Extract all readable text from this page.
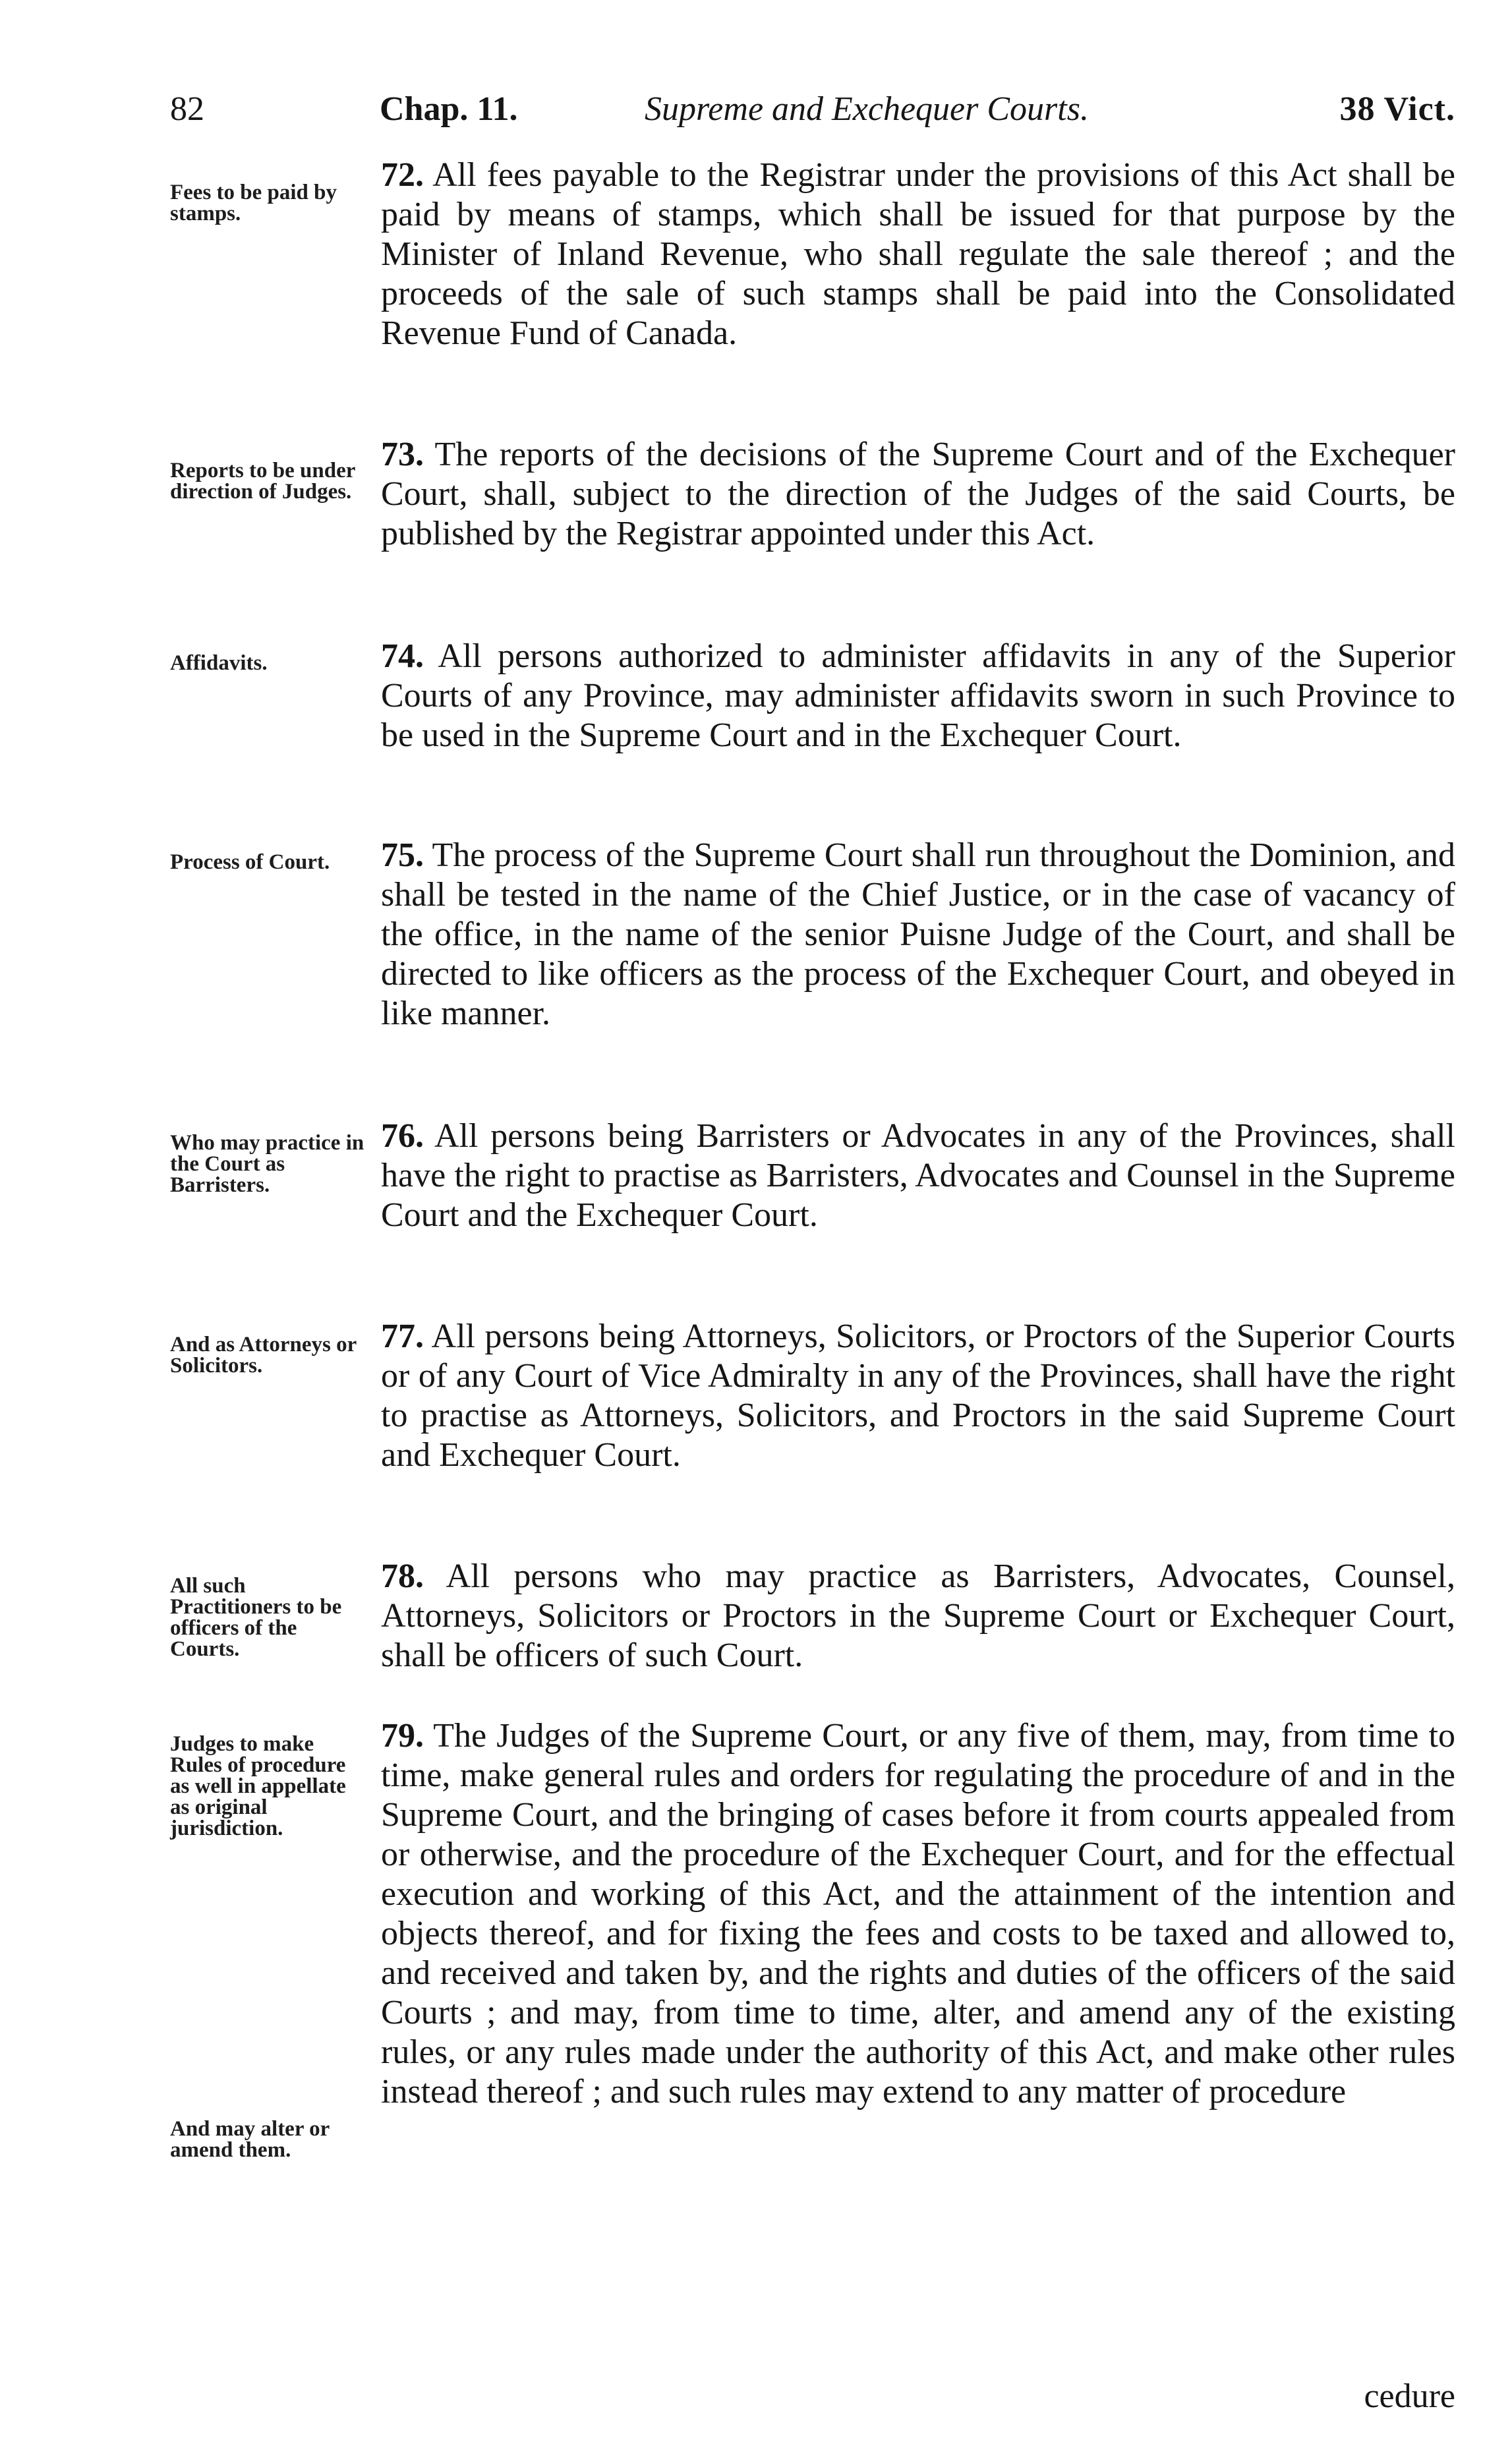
82	Chap. 11.	Supreme and Exchequer Courts.	38 Vict.
Fees to be paid by stamps.
72. All fees payable to the Registrar under the provisions of this Act shall be paid by means of stamps, which shall be issued for that purpose by the Minister of Inland Revenue, who shall regulate the sale thereof ; and the proceeds of the sale of such stamps shall be paid into the Consolidated Revenue Fund of Canada.
Reports to be under direction of Judges.
73. The reports of the decisions of the Supreme Court and of the Exchequer Court, shall, subject to the direction of the Judges of the said Courts, be published by the Registrar appointed under this Act.
Affidavits.	74. All persons authorized to administer affidavits in any of the Superior Courts of any Province, may administer affidavits sworn in such Province to be used in the Supreme Court and in the Exchequer Court.
Process of Court.	75. The process of the Supreme Court shall run throughout the Dominion, and shall be tested in the name of the Chief Justice, or in the case of vacancy of the office, in the name of the senior Puisne Judge of the Court, and shall be directed to like officers as the process of the Exchequer Court, and obeyed in like manner.
Who may practice in the Court as Barristers.
76. All persons being Barristers or Advocates in any of the Provinces, shall have the right to practise as Barristers, Advocates and Counsel in the Supreme Court and the Exchequer Court.
And as Attorneys or Solicitors.
77. All persons being Attorneys, Solicitors, or Proctors of the Superior Courts or of any Court of Vice Admiralty in any of the Provinces, shall have the right to practise as Attorneys, Solicitors, and Proctors in the said Supreme Court and Exchequer Court.
All such Practitioners to be officers of the Courts.
78. All persons who may practice as Barristers, Advocates, Counsel, Attorneys, Solicitors or Proctors in the Supreme Court or Exchequer Court, shall be officers of such Court.
Judges to make Rules of procedure as well in appellate as original jurisdiction.
And may alter or amend them.
79. The Judges of the Supreme Court, or any five of them, may, from time to time, make general rules and orders for regulating the procedure of and in the Supreme Court, and the bringing of cases before it from courts appealed from or otherwise, and the procedure of the Exchequer Court, and for the effectual execution and working of this Act, and the attainment of the intention and objects thereof, and for fixing the fees and costs to be taxed and allowed to, and received and taken by, and the rights and duties of the officers of the said Courts ; and may, from time to time, alter, and amend any of the existing rules, or any rules made under the authority of this Act, and make other rules instead thereof ; and such rules may extend to any matter of procedure
cedure
